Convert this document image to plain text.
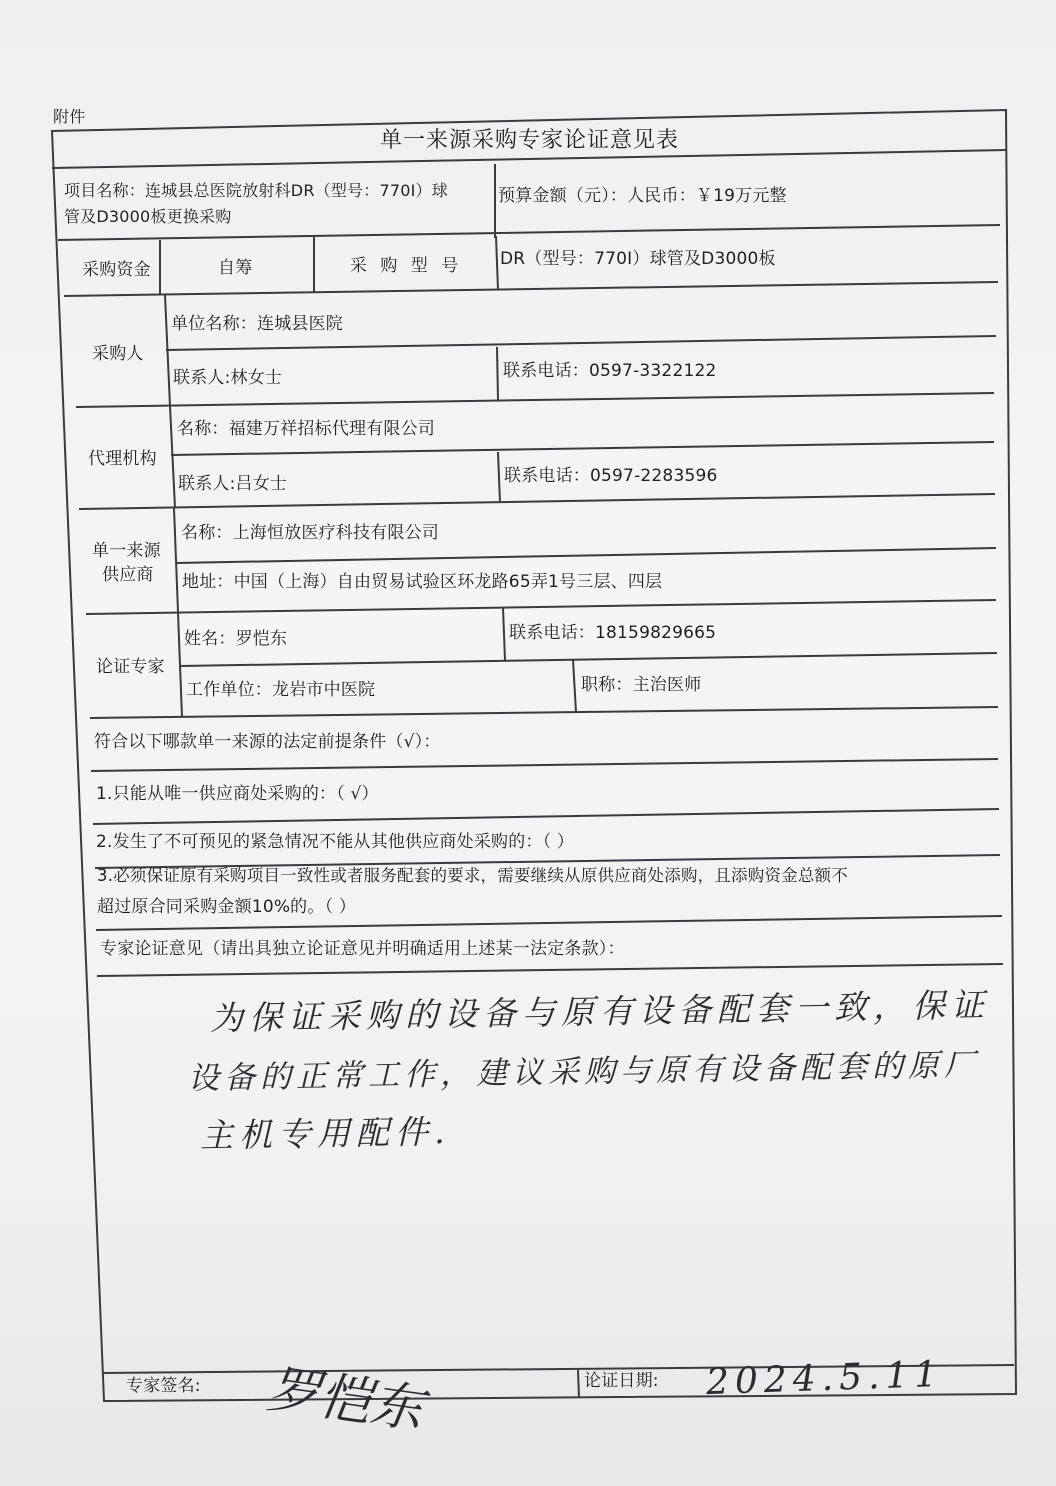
附件
单一来源采购专家论证意见表
项目名称：连城县总医院放射科DR（型号：770I）球
管及D3000板更换采购
预算金额（元）：人民币：￥19万元整
采购资金	自筹	采 购 型 号 DR（型号：770I）球管及D3000板
采购人
单位名称：连城县医院
联系人:林女士	联系电话：0597-3322122
代理机构
名称：福建万祥招标代理有限公司
联系人:吕女士	联系电话：0597-2283596
单一来源
供应商
名称：上海恒放医疗科技有限公司
地址：中国（上海）自由贸易试验区环龙路65弄1号三层、四层
论证专家
姓名：罗恺东	联系电话：18159829665
工作单位：龙岩市中医院	职称：主治医师
符合以下哪款单一来源的法定前提条件（√）：
1.只能从唯一供应商处采购的：（ √）
2.发生了不可预见的紧急情况不能从其他供应商处采购的：（ ）
3.必须保证原有采购项目一致性或者服务配套的要求，需要继续从原供应商处添购，且添购资金总额不
超过原合同采购金额10%的。（ ）
专家论证意见（请出具独立论证意见并明确适用上述某一法定条款）：
为保证采购的设备与原有设备配套一致，保证
设备的正常工作，建议采购与原有设备配套的原厂
主机专用配件.
专家签名: 罗恺东	论证日期: 2024.5.11
